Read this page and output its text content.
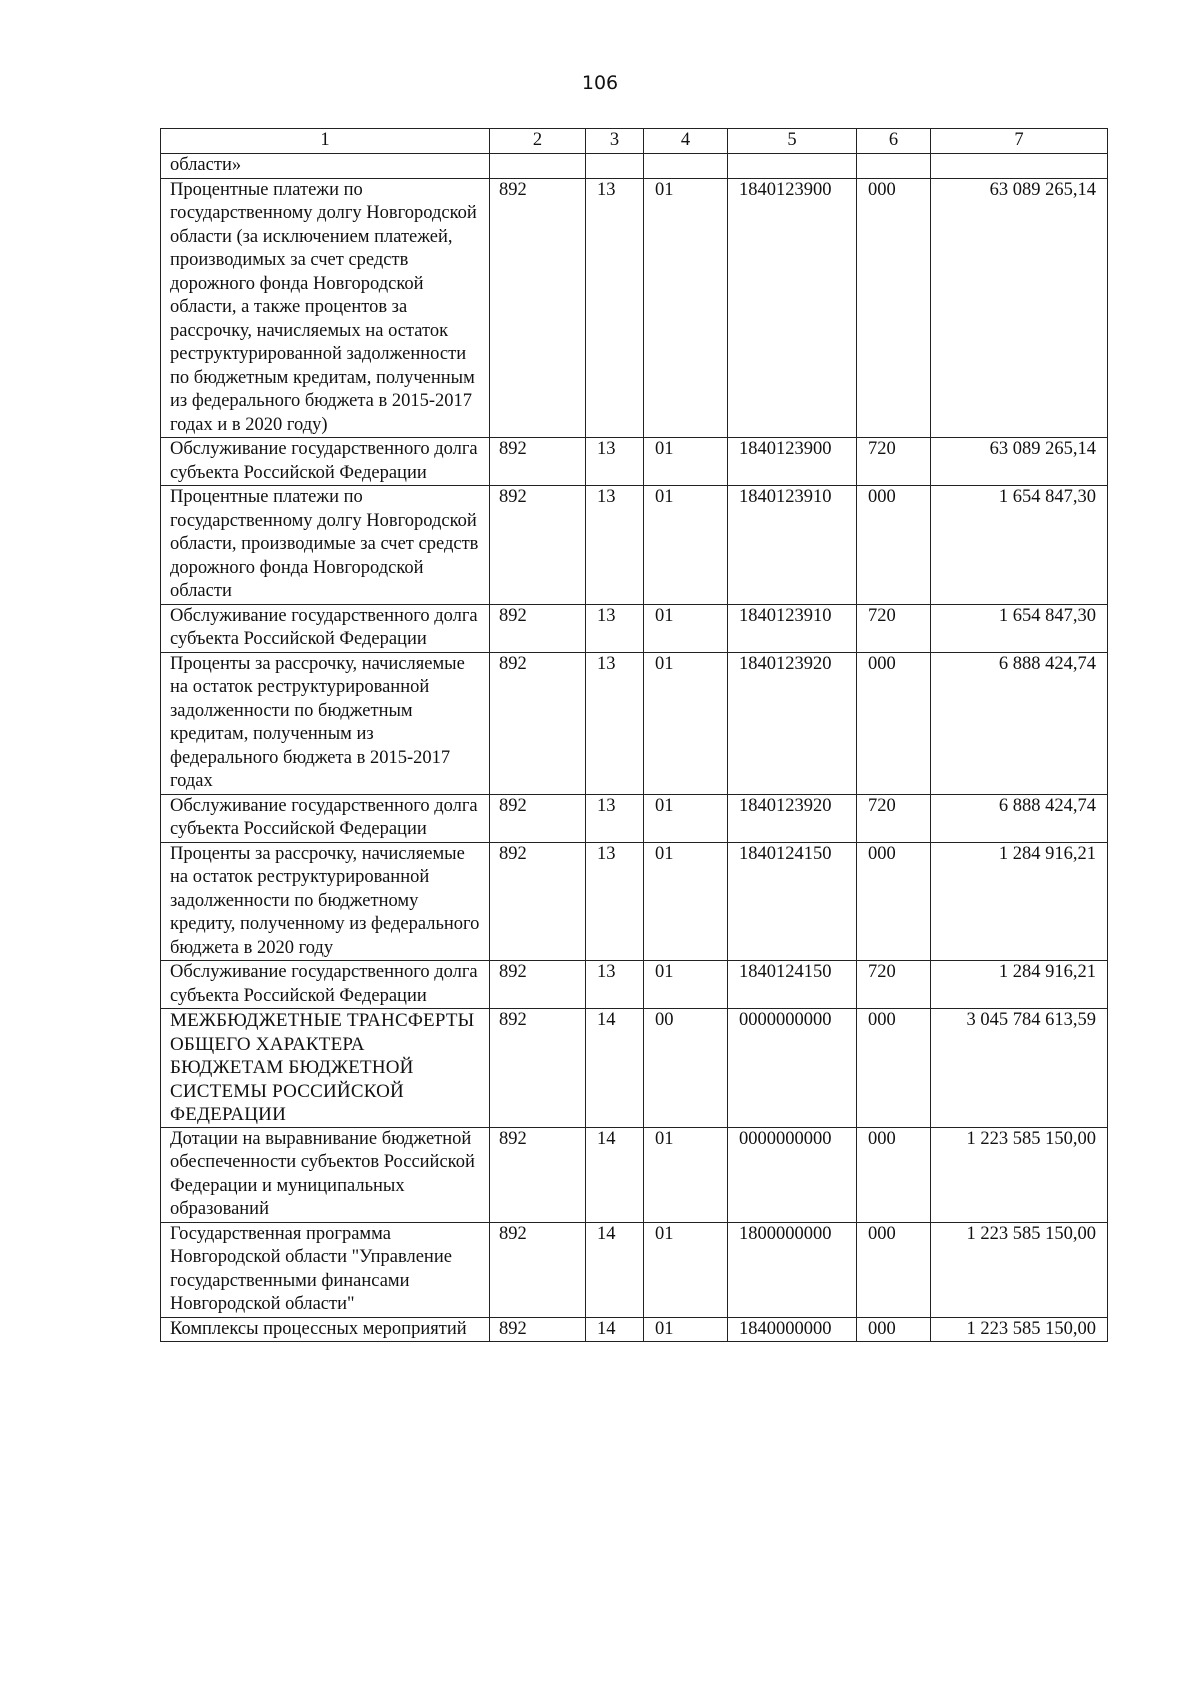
106
1	2	3	4	5	6	7
области»						
Процентные платежи по государственному долгу Новгородской области (за исключением платежей, производимых за счет средств дорожного фонда Новгородской области, а также процентов за рассрочку, начисляемых на остаток реструктурированной задолженности по бюджетным кредитам, полученным из федерального бюджета в 2015-2017 годах и в 2020 году)	892	13	01	1840123900	000	63 089 265,14
Обслуживание государственного долга субъекта Российской Федерации	892	13	01	1840123900	720	63 089 265,14
Процентные платежи по государственному долгу Новгородской области, производимые за счет средств дорожного фонда Новгородской области	892	13	01	1840123910	000	1 654 847,30
Обслуживание государственного долга субъекта Российской Федерации	892	13	01	1840123910	720	1 654 847,30
Проценты за рассрочку, начисляемые на остаток реструктурированной задолженности по бюджетным кредитам, полученным из федерального бюджета в 2015-2017 годах	892	13	01	1840123920	000	6 888 424,74
Обслуживание государственного долга субъекта Российской Федерации	892	13	01	1840123920	720	6 888 424,74
Проценты за рассрочку, начисляемые на остаток реструктурированной задолженности по бюджетному кредиту, полученному из федерального бюджета в 2020 году	892	13	01	1840124150	000	1 284 916,21
Обслуживание государственного долга субъекта Российской Федерации	892	13	01	1840124150	720	1 284 916,21
МЕЖБЮДЖЕТНЫЕ ТРАНСФЕРТЫ ОБЩЕГО ХАРАКТЕРА БЮДЖЕТАМ БЮДЖЕТНОЙ СИСТЕМЫ РОССИЙСКОЙ ФЕДЕРАЦИИ	892	14	00	0000000000	000	3 045 784 613,59
Дотации на выравнивание бюджетной обеспеченности субъектов Российской Федерации и муниципальных образований	892	14	01	0000000000	000	1 223 585 150,00
Государственная программа Новгородской области "Управление государственными финансами Новгородской области"	892	14	01	1800000000	000	1 223 585 150,00
Комплексы процессных мероприятий	892	14	01	1840000000	000	1 223 585 150,00
